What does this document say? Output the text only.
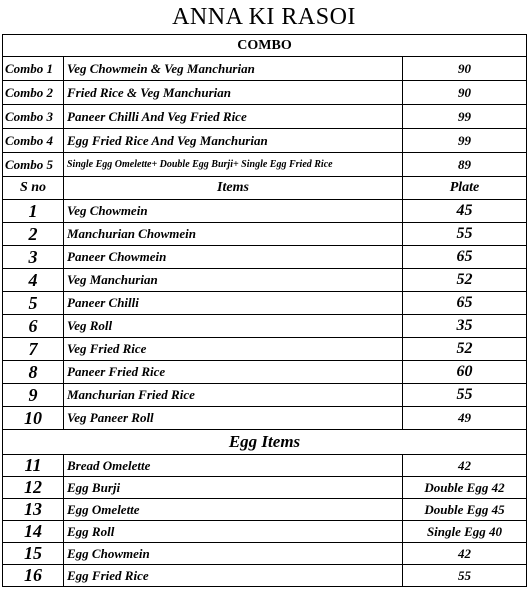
ANNA KI RASOI
COMBO		
Combo 1	Veg Chowmein & Veg Manchurian	90
Combo 2	Fried Rice & Veg Manchurian	90
Combo 3	Paneer Chilli And Veg Fried Rice	99
Combo 4	Egg Fried Rice And Veg Manchurian	99
Combo 5	Single Egg Omelette+ Double Egg Burji+ Single Egg Fried Rice	89
S no	Items	Plate
1	Veg Chowmein	45
2	Manchurian Chowmein	55
3	Paneer Chowmein	65
4	Veg Manchurian	52
5	Paneer Chilli	65
6	Veg Roll	35
7	Veg Fried Rice	52
8	Paneer Fried Rice	60
9	Manchurian Fried Rice	55
10	Veg Paneer Roll	49
Egg Items		
11	Bread Omelette	42
12	Egg Burji	Double Egg 42
13	Egg Omelette	Double Egg 45
14	Egg Roll	Single Egg 40
15	Egg Chowmein	42
16	Egg Fried Rice	55
